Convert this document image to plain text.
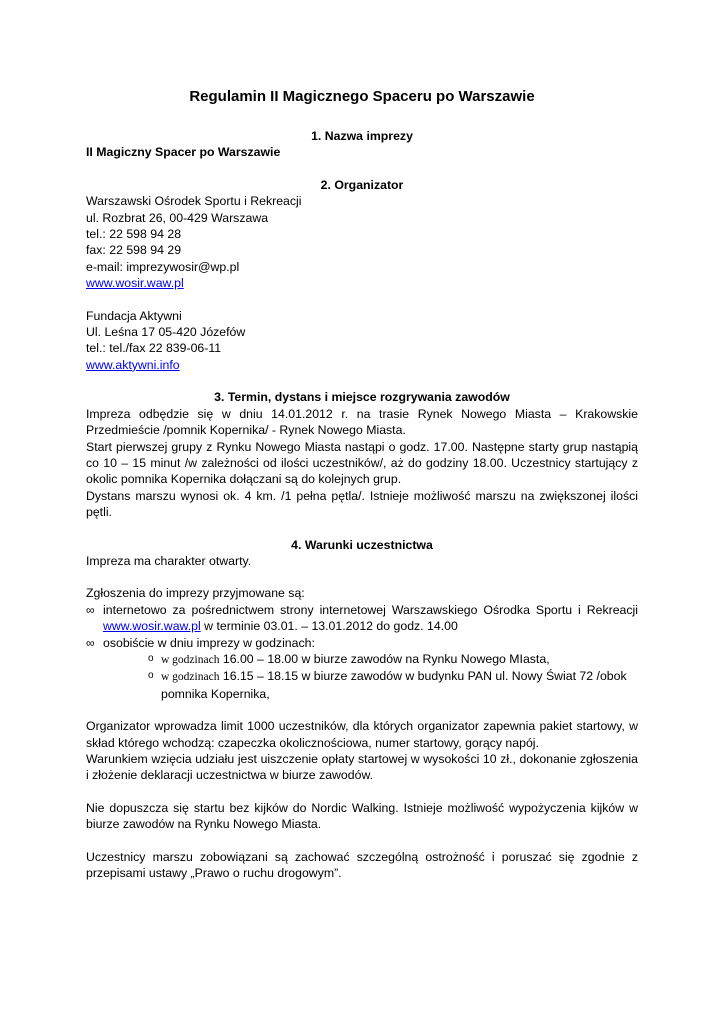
Regulamin II Magicznego Spaceru po Warszawie

1. Nazwa imprezy

II Magiczny Spacer po Warszawie

2. Organizator

Warszawski Ośrodek Sportu i Rekreacji

ul. Rozbrat 26, 00-429 Warszawa

tel.: 22 598 94 28

fax: 22 598 94 29

e-mail: imprezywosir@wp.pl

www.wosir.waw.pl

Fundacja Aktywni

Ul. Leśna 17 05-420 Józefów

tel.: tel./fax 22 839-06-11

www.aktywni.info

3. Termin, dystans i miejsce rozgrywania zawodów

Impreza odbędzie się w dniu 14.01.2012 r. na trasie Rynek Nowego Miasta – Krakowskie Przedmieście /pomnik Kopernika/ - Rynek Nowego Miasta.

Start pierwszej grupy z Rynku Nowego Miasta nastąpi o godz. 17.00. Następne starty grup nastąpią co 10 – 15 minut /w zależności od ilości uczestników/, aż do godziny 18.00. Uczestnicy startujący z okolic pomnika Kopernika dołączani są do kolejnych grup.

Dystans marszu wynosi ok. 4 km. /1 pełna pętla/. Istnieje możliwość marszu na zwiększonej ilości pętli.

4. Warunki uczestnictwa

Impreza ma charakter otwarty.

Zgłoszenia do imprezy przyjmowane są:

∞ internetowo za pośrednictwem strony internetowej Warszawskiego Ośrodka Sportu i Rekreacji www.wosir.waw.pl w terminie 03.01. – 13.01.2012 do godz. 14.00
∞ osobiście w dniu imprezy w godzinach:
o w godzinach 16.00 – 18.00 w biurze zawodów na Rynku Nowego MIasta,
o w godzinach 16.15 – 18.15 w biurze zawodów w budynku PAN ul. Nowy Świat 72 /obok pomnika Kopernika,

Organizator wprowadza limit 1000 uczestników, dla których organizator zapewnia pakiet startowy, w skład którego wchodzą: czapeczka okolicznościowa, numer startowy, gorący napój.

Warunkiem wzięcia udziału jest uiszczenie opłaty startowej w wysokości 10 zł., dokonanie zgłoszenia i złożenie deklaracji uczestnictwa w biurze zawodów.

Nie dopuszcza się startu bez kijków do Nordic Walking. Istnieje możliwość wypożyczenia kijków w biurze zawodów na Rynku Nowego Miasta.

Uczestnicy marszu zobowiązani są zachować szczególną ostrożność i poruszać się zgodnie z przepisami ustawy „Prawo o ruchu drogowym”.
